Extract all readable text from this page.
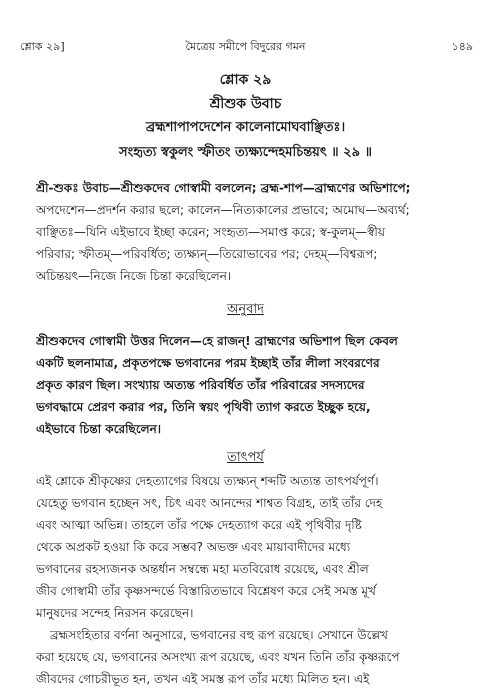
শ্লোক ২৯]	মৈত্রেয় সমীপে বিদুরের গমন	১৪৯
শ্লোক ২৯
শ্রীশুক উবাচ
ব্রহ্মশাপাপদেশেন কালেনামোঘবাঞ্ছিতঃ।
সংহৃত্য স্বকুলং স্ফীতং ত্যক্ষ্যন্দেহমচিন্তয়ৎ ॥ ২৯ ॥
শ্রী-শুকঃ উবাচ—শ্রীশুকদেব গোস্বামী বললেন; ব্রহ্ম-শাপ—ব্রাহ্মণের অভিশাপে;
অপদেশেন—প্রদর্শন করার ছলে; কালেন—নিত্যকালের প্রভাবে; অমোঘ—অব্যর্থ;
বাঞ্ছিতঃ—যিনি এইভাবে ইচ্ছা করেন; সংহৃত্য—সমাপ্ত করে; স্ব-কুলম্—স্বীয়
পরিবার; স্ফীতম্—পরিবর্ধিত; ত্যক্ষ্যন্—তিরোভাবের পর; দেহম্—বিশ্বরূপ;
অচিন্তয়ৎ—নিজে নিজে চিন্তা করেছিলেন।
অনুবাদ
শ্রীশুকদেব গোস্বামী উত্তর দিলেন—হে রাজন্! ব্রাহ্মণের অভিশাপ ছিল কেবল
একটি ছলনামাত্র, প্রকৃতপক্ষে ভগবানের পরম ইচ্ছাই তাঁর লীলা সংবরণের
প্রকৃত কারণ ছিল। সংখ্যায় অত্যন্ত পরিবর্ধিত তাঁর পরিবারের সদস্যদের
ভগবদ্ধামে প্রেরণ করার পর, তিনি স্বয়ং পৃথিবী ত্যাগ করতে ইচ্ছুক হয়ে,
এইভাবে চিন্তা করেছিলেন।
তাৎপর্য
এই শ্লোকে শ্রীকৃষ্ণের দেহত্যাগের বিষয়ে ত্যক্ষ্যন্ শব্দটি অত্যন্ত তাৎপর্যপূর্ণ।
যেহেতু ভগবান হচ্ছেন সৎ, চিৎ এবং আনন্দের শাশ্বত বিগ্রহ, তাই তাঁর দেহ
এবং আত্মা অভিন্ন। তাহলে তাঁর পক্ষে দেহত্যাগ করে এই পৃথিবীর দৃষ্টি
থেকে অপ্রকট হওয়া কি করে সম্ভব? অভক্ত এবং মায়াবাদীদের মধ্যে
ভগবানের রহস্যজনক অন্তর্ধান সম্বন্ধে মহা মতবিরোধ রয়েছে, এবং শ্রীল
জীব গোস্বামী তাঁর কৃষ্ণসন্দর্ভে বিস্তারিতভাবে বিশ্লেষণ করে সেই সমস্ত মূর্খ
মানুষদের সন্দেহ নিরসন করেছেন।
ব্রহ্মসংহিতার বর্ণনা অনুসারে, ভগবানের বহু রূপ রয়েছে। সেখানে উল্লেখ
করা হয়েছে যে, ভগবানের অসংখ্য রূপ রয়েছে, এবং যখন তিনি তাঁর কৃষ্ণরূপে
জীবদের গোচরীভূত হন, তখন এই সমস্ত রূপ তাঁর মধ্যে মিলিত হন। এই
